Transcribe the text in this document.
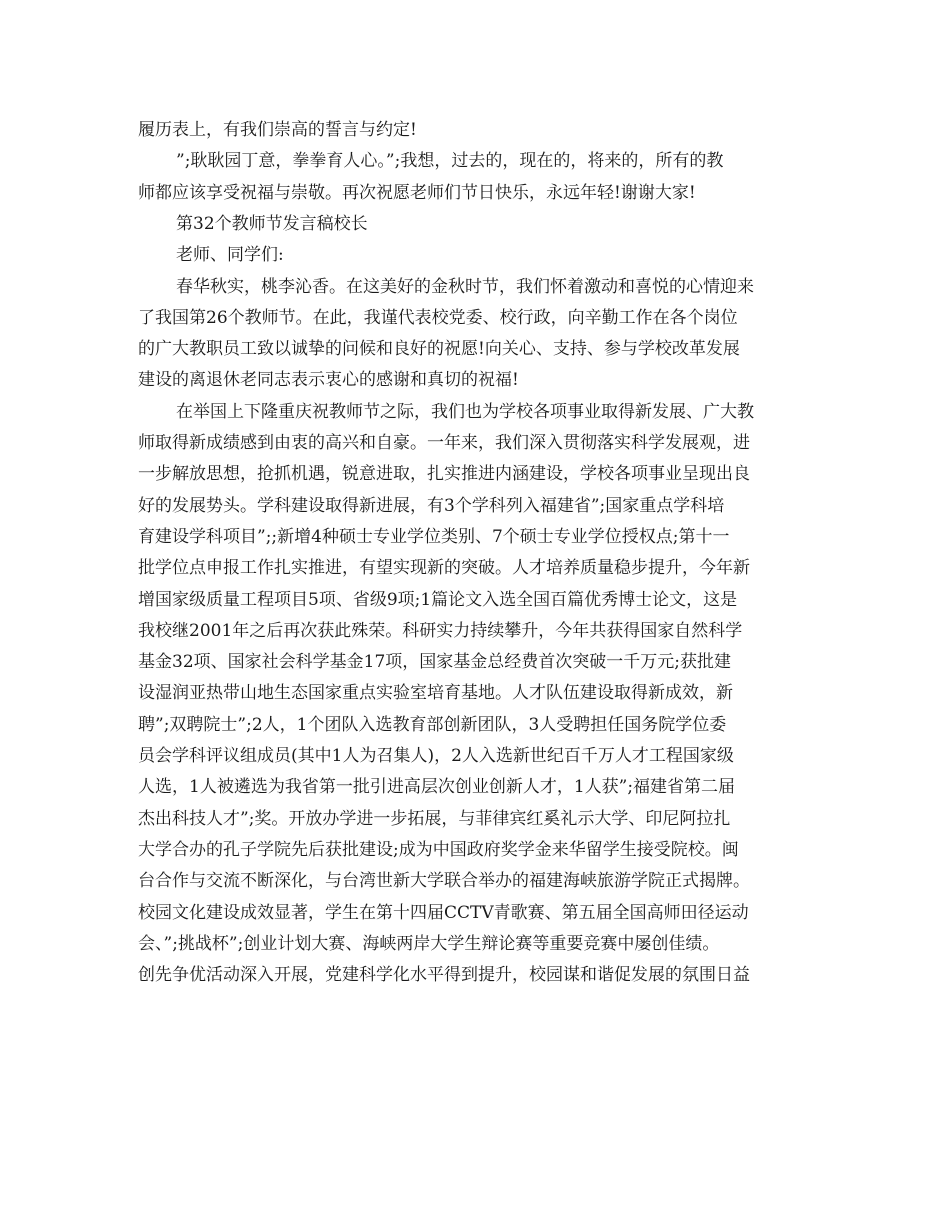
履历表上，有我们崇高的誓言与约定!
”;耿耿园丁意，拳拳育人心。”;我想，过去的，现在的，将来的，所有的教
师都应该享受祝福与崇敬。再次祝愿老师们节日快乐，永远年轻!谢谢大家!
第32个教师节发言稿校长
老师、同学们:
春华秋实，桃李沁香。在这美好的金秋时节，我们怀着激动和喜悦的心情迎来
了我国第26个教师节。在此，我谨代表校党委、校行政，向辛勤工作在各个岗位
的广大教职员工致以诚挚的问候和良好的祝愿!向关心、支持、参与学校改革发展
建设的离退休老同志表示衷心的感谢和真切的祝福!
在举国上下隆重庆祝教师节之际，我们也为学校各项事业取得新发展、广大教
师取得新成绩感到由衷的高兴和自豪。一年来，我们深入贯彻落实科学发展观，进
一步解放思想，抢抓机遇，锐意进取，扎实推进内涵建设，学校各项事业呈现出良
好的发展势头。学科建设取得新进展，有3个学科列入福建省”;国家重点学科培
育建设学科项目”;;新增4种硕士专业学位类别、7个硕士专业学位授权点;第十一
批学位点申报工作扎实推进，有望实现新的突破。人才培养质量稳步提升，今年新
增国家级质量工程项目5项、省级9项;1篇论文入选全国百篇优秀博士论文，这是
我校继2001年之后再次获此殊荣。科研实力持续攀升，今年共获得国家自然科学
基金32项、国家社会科学基金17项，国家基金总经费首次突破一千万元;获批建
设湿润亚热带山地生态国家重点实验室培育基地。人才队伍建设取得新成效，新
聘”;双聘院士”;2人，1个团队入选教育部创新团队，3人受聘担任国务院学位委
员会学科评议组成员(其中1人为召集人)，2人入选新世纪百千万人才工程国家级
人选，1人被遴选为我省第一批引进高层次创业创新人才，1人获”;福建省第二届
杰出科技人才”;奖。开放办学进一步拓展，与菲律宾红奚礼示大学、印尼阿拉扎
大学合办的孔子学院先后获批建设;成为中国政府奖学金来华留学生接受院校。闽
台合作与交流不断深化，与台湾世新大学联合举办的福建海峡旅游学院正式揭牌。
校园文化建设成效显著，学生在第十四届CCTV青歌赛、第五届全国高师田径运动
会、”;挑战杯”;创业计划大赛、海峡两岸大学生辩论赛等重要竞赛中屡创佳绩。
创先争优活动深入开展，党建科学化水平得到提升，校园谋和谐促发展的氛围日益
